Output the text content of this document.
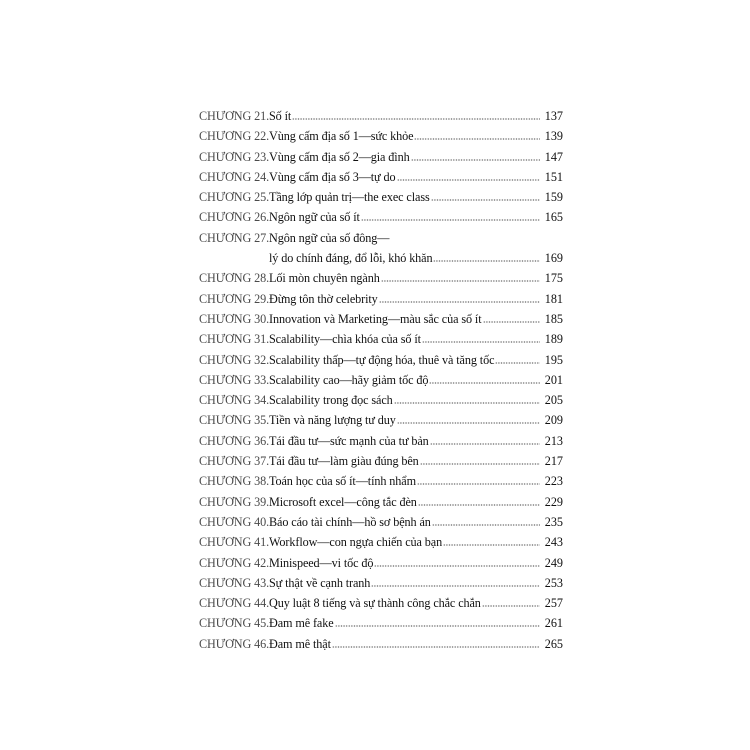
CHƯƠNG 21. Số ít	137
CHƯƠNG 22. Vùng cấm địa số 1—sức khỏe	139
CHƯƠNG 23. Vùng cấm địa số 2—gia đình	147
CHƯƠNG 24. Vùng cấm địa số 3—tự do	151
CHƯƠNG 25. Tầng lớp quản trị—the exec class	159
CHƯƠNG 26. Ngôn ngữ của số ít	165
CHƯƠNG 27. Ngôn ngữ của số đông—
lý do chính đáng, đổ lỗi, khó khăn	169
CHƯƠNG 28. Lối mòn chuyên ngành	175
CHƯƠNG 29. Đừng tôn thờ celebrity	181
CHƯƠNG 30. Innovation và Marketing—màu sắc của số ít	185
CHƯƠNG 31. Scalability—chìa khóa của số ít	189
CHƯƠNG 32. Scalability thấp—tự động hóa, thuê và tăng tốc	195
CHƯƠNG 33. Scalability cao—hãy giảm tốc độ	201
CHƯƠNG 34. Scalability trong đọc sách	205
CHƯƠNG 35. Tiền và năng lượng tư duy	209
CHƯƠNG 36. Tái đầu tư—sức mạnh của tư bản	213
CHƯƠNG 37. Tái đầu tư—làm giàu đúng bên	217
CHƯƠNG 38. Toán học của số ít—tính nhẩm	223
CHƯƠNG 39. Microsoft excel—công tắc đèn	229
CHƯƠNG 40. Báo cáo tài chính—hồ sơ bệnh án	235
CHƯƠNG 41. Workflow—con ngựa chiến của bạn	243
CHƯƠNG 42. Minispeed—vi tốc độ	249
CHƯƠNG 43. Sự thật về cạnh tranh	253
CHƯƠNG 44. Quy luật 8 tiếng và sự thành công chắc chắn	257
CHƯƠNG 45. Đam mê fake	261
CHƯƠNG 46. Đam mê thật	265
